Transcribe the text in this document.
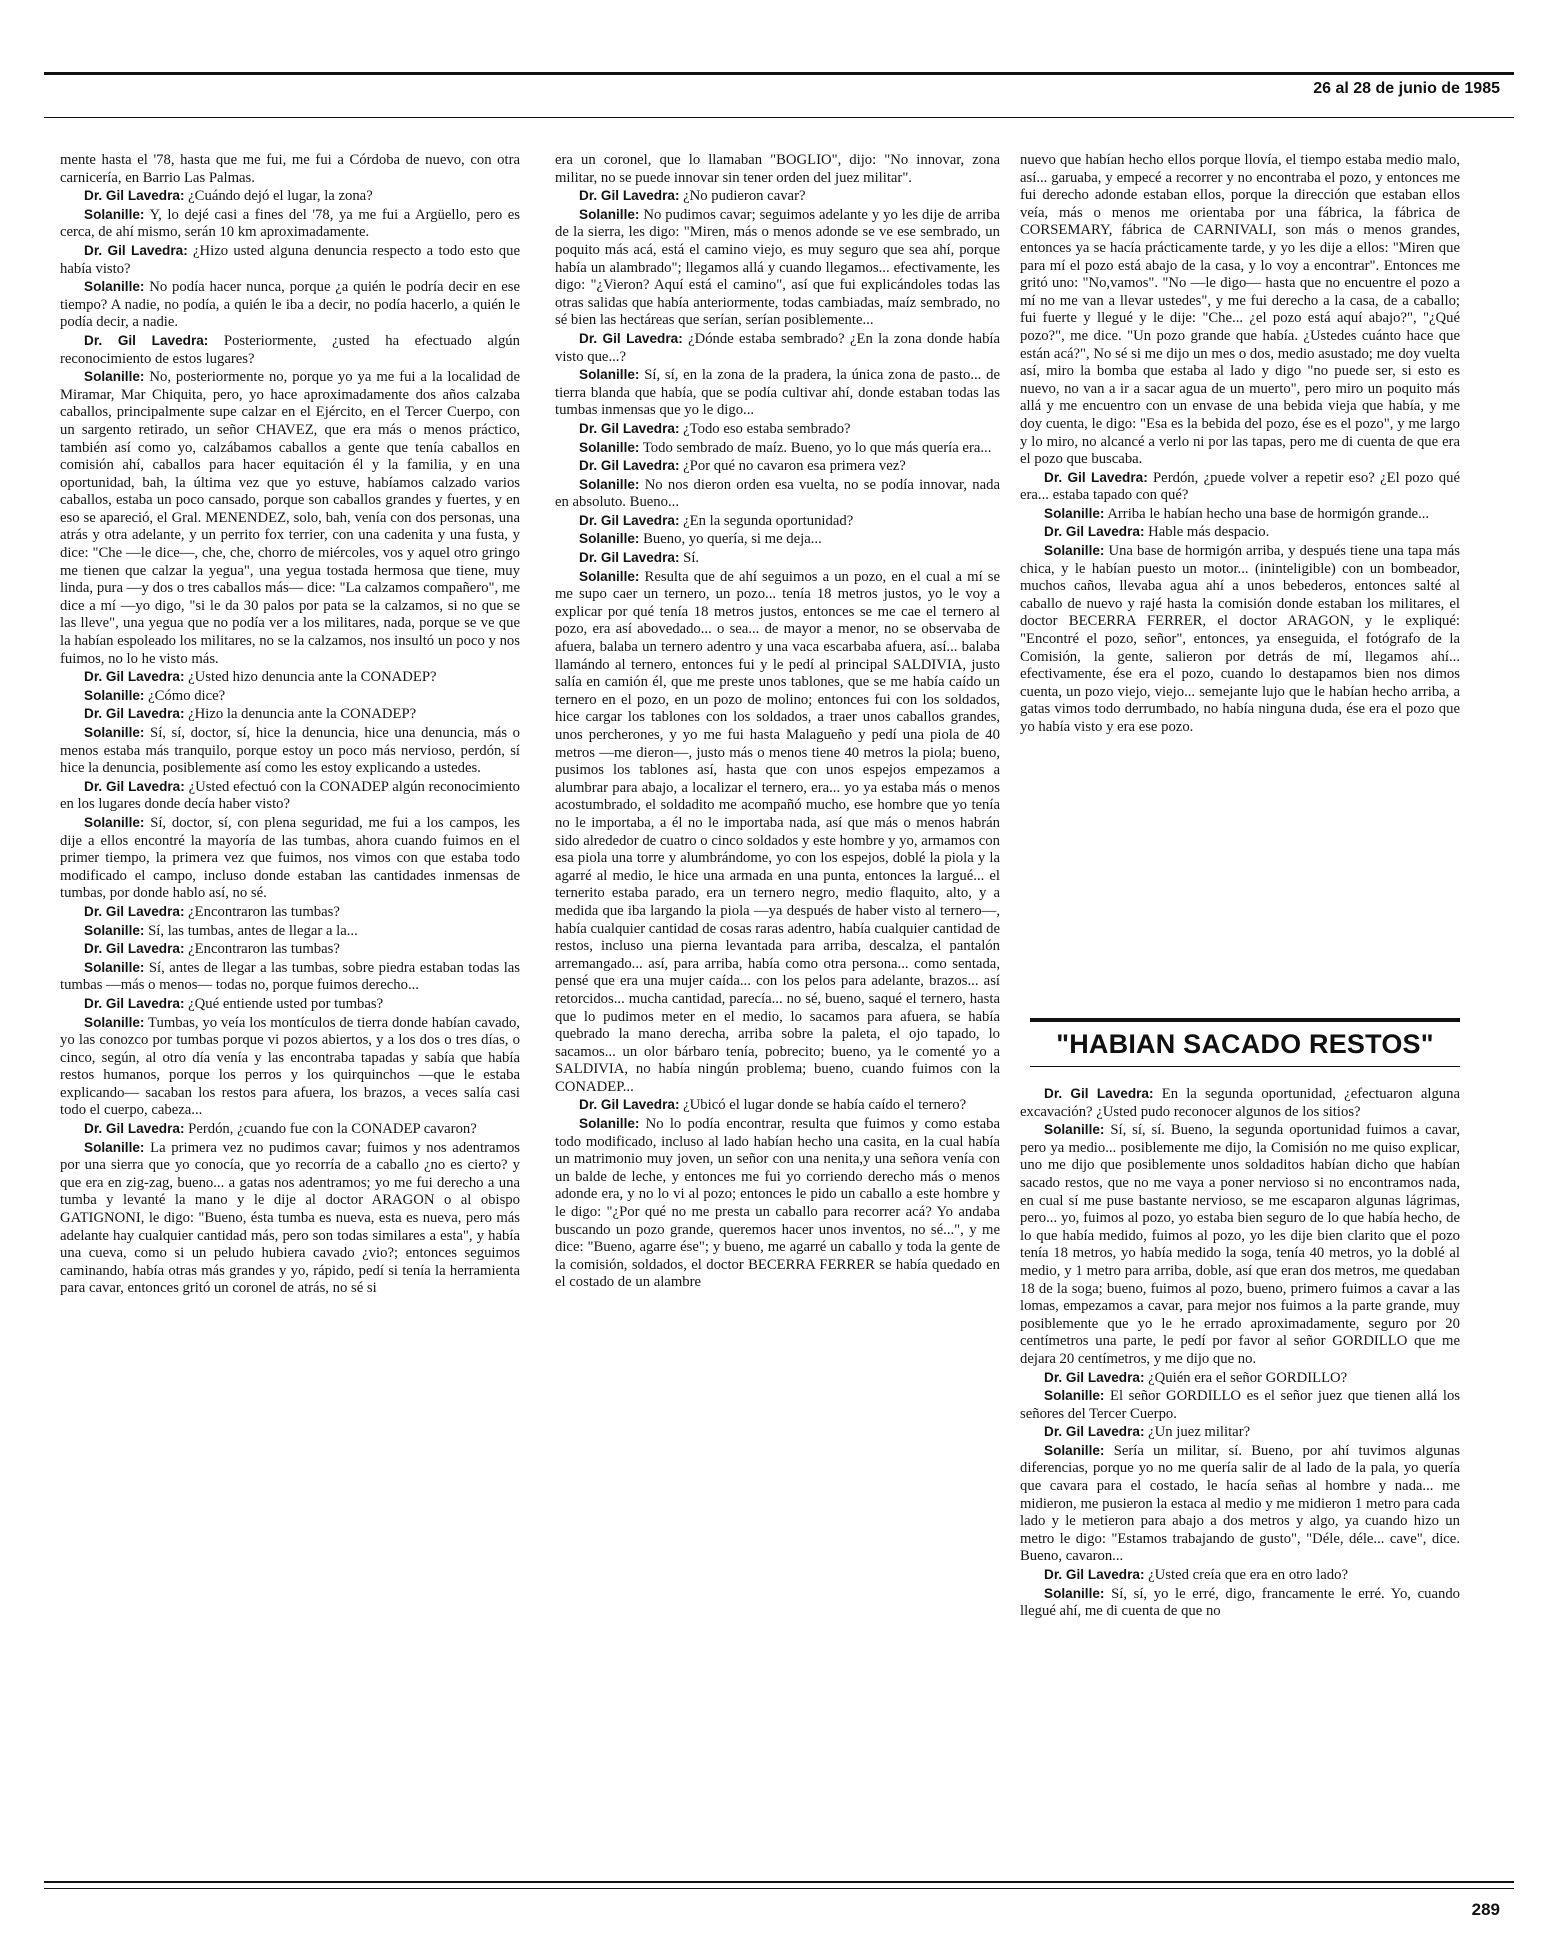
26 al 28 de junio de 1985

mente hasta el '78, hasta que me fui, me fui a Córdoba de nuevo, con otra carnicería, en Barrio Las Palmas.

Dr. Gil Lavedra: ¿Cuándo dejó el lugar, la zona?

Solanille: Y, lo dejé casi a fines del '78, ya me fui a Argüello, pero es cerca, de ahí mismo, serán 10 km aproximadamente.

Dr. Gil Lavedra: ¿Hizo usted alguna denuncia respecto a todo esto que había visto?

Solanille: No podía hacer nunca, porque ¿a quién le podría decir en ese tiempo? A nadie, no podía, a quién le iba a decir, no podía hacerlo, a quién le podía decir, a nadie.

Dr. Gil Lavedra: Posteriormente, ¿usted ha efectuado algún reconocimiento de estos lugares?

Solanille: No, posteriormente no, porque yo ya me fui a la localidad de Miramar, Mar Chiquita, pero, yo hace aproximadamente dos años calzaba caballos, principalmente supe calzar en el Ejército, en el Tercer Cuerpo, con un sargento retirado, un señor CHAVEZ, que era más o menos práctico, también así como yo, calzábamos caballos a gente que tenía caballos en comisión ahí, caballos para hacer equitación él y la familia, y en una oportunidad, bah, la última vez que yo estuve, habíamos calzado varios caballos, estaba un poco cansado, porque son caballos grandes y fuertes, y en eso se apareció, el Gral. MENENDEZ, solo, bah, venía con dos personas, una atrás y otra adelante, y un perrito fox terrier, con una cadenita y una fusta, y dice: "Che —le dice—, che, che, chorro de miércoles, vos y aquel otro gringo me tienen que calzar la yegua", una yegua tostada hermosa que tiene, muy linda, pura —y dos o tres caballos más— dice: "La calzamos compañero", me dice a mí —yo digo, "si le da 30 palos por pata se la calzamos, si no que se las lleve", una yegua que no podía ver a los militares, nada, porque se ve que la habían espoleado los militares, no se la calzamos, nos insultó un poco y nos fuimos, no lo he visto más.

Dr. Gil Lavedra: ¿Usted hizo denuncia ante la CONADEP?

Solanille: ¿Cómo dice?

Dr. Gil Lavedra: ¿Hizo la denuncia ante la CONADEP?

Solanille: Sí, sí, doctor, sí, hice la denuncia, hice una denuncia, más o menos estaba más tranquilo, porque estoy un poco más nervioso, perdón, sí hice la denuncia, posiblemente así como les estoy explicando a ustedes.

Dr. Gil Lavedra: ¿Usted efectuó con la CONADEP algún reconocimiento en los lugares donde decía haber visto?

Solanille: Sí, doctor, sí, con plena seguridad, me fui a los campos, les dije a ellos encontré la mayoría de las tumbas, ahora cuando fuimos en el primer tiempo, la primera vez que fuimos, nos vimos con que estaba todo modificado el campo, incluso donde estaban las cantidades inmensas de tumbas, por donde hablo así, no sé.

Dr. Gil Lavedra: ¿Encontraron las tumbas?

Solanille: Sí, las tumbas, antes de llegar a la...

Dr. Gil Lavedra: ¿Encontraron las tumbas?

Solanille: Sí, antes de llegar a las tumbas, sobre piedra estaban todas las tumbas —más o menos— todas no, porque fuimos derecho...

Dr. Gil Lavedra: ¿Qué entiende usted por tumbas?

Solanille: Tumbas, yo veía los montículos de tierra donde habían cavado, yo las conozco por tumbas porque vi pozos abiertos, y a los dos o tres días, o cinco, según, al otro día venía y las encontraba tapadas y sabía que había restos humanos, porque los perros y los quirquinchos —que le estaba explicando— sacaban los restos para afuera, los brazos, a veces salía casi todo el cuerpo, cabeza...

Dr. Gil Lavedra: Perdón, ¿cuando fue con la CONADEP cavaron?

Solanille: La primera vez no pudimos cavar; fuimos y nos adentramos por una sierra que yo conocía, que yo recorría de a caballo ¿no es cierto? y que era en zig-zag, bueno... a gatas nos adentramos; yo me fui derecho a una tumba y levanté la mano y le dije al doctor ARAGON o al obispo GATIGNONI, le digo: "Bueno, ésta tumba es nueva, esta es nueva, pero más adelante hay cualquier cantidad más, pero son todas similares a esta", y había una cueva, como si un peludo hubiera cavado ¿vio?; entonces seguimos caminando, había otras más grandes y yo, rápido, pedí si tenía la herramienta para cavar, entonces gritó un coronel de atrás, no sé si

era un coronel, que lo llamaban "BOGLIO", dijo: "No innovar, zona militar, no se puede innovar sin tener orden del juez militar".

Dr. Gil Lavedra: ¿No pudieron cavar?

Solanille: No pudimos cavar; seguimos adelante y yo les dije de arriba de la sierra, les digo: "Miren, más o menos adonde se ve ese sembrado, un poquito más acá, está el camino viejo, es muy seguro que sea ahí, porque había un alambrado"; llegamos allá y cuando llegamos... efectivamente, les digo: "¿Vieron? Aquí está el camino", así que fui explicándoles todas las otras salidas que había anteriormente, todas cambiadas, maíz sembrado, no sé bien las hectáreas que serían, serían posiblemente...

Dr. Gil Lavedra: ¿Dónde estaba sembrado? ¿En la zona donde había visto que...?

Solanille: Sí, sí, en la zona de la pradera, la única zona de pasto... de tierra blanda que había, que se podía cultivar ahí, donde estaban todas las tumbas inmensas que yo le digo...

Dr. Gil Lavedra: ¿Todo eso estaba sembrado?

Solanille: Todo sembrado de maíz. Bueno, yo lo que más quería era...

Dr. Gil Lavedra: ¿Por qué no cavaron esa primera vez?

Solanille: No nos dieron orden esa vuelta, no se podía innovar, nada en absoluto. Bueno...

Dr. Gil Lavedra: ¿En la segunda oportunidad?

Solanille: Bueno, yo quería, si me deja...

Dr. Gil Lavedra: Sí.

Solanille: Resulta que de ahí seguimos a un pozo, en el cual a mí se me supo caer un ternero, un pozo... tenía 18 metros justos, yo le voy a explicar por qué tenía 18 metros justos, entonces se me cae el ternero al pozo, era así abovedado... o sea... de mayor a menor, no se observaba de afuera, balaba un ternero adentro y una vaca escarbaba afuera, así... balaba llamándo al ternero, entonces fui y le pedí al principal SALDIVIA, justo salía en camión él, que me preste unos tablones, que se me había caído un ternero en el pozo, en un pozo de molino; entonces fui con los soldados, hice cargar los tablones con los soldados, a traer unos caballos grandes, unos percherones, y yo me fui hasta Malagueño y pedí una piola de 40 metros —me dieron—, justo más o menos tiene 40 metros la piola; bueno, pusimos los tablones así, hasta que con unos espejos empezamos a alumbrar para abajo, a localizar el ternero, era... yo ya estaba más o menos acostumbrado, el soldadito me acompañó mucho, ese hombre que yo tenía no le importaba, a él no le importaba nada, así que más o menos habrán sido alrededor de cuatro o cinco soldados y este hombre y yo, armamos con esa piola una torre y alumbrándome, yo con los espejos, doblé la piola y la agarré al medio, le hice una armada en una punta, entonces la largué... el ternerito estaba parado, era un ternero negro, medio flaquito, alto, y a medida que iba largando la piola —ya después de haber visto al ternero—, había cualquier cantidad de cosas raras adentro, había cualquier cantidad de restos, incluso una pierna levantada para arriba, descalza, el pantalón arremangado... así, para arriba, había como otra persona... como sentada, pensé que era una mujer caída... con los pelos para adelante, brazos... así retorcidos... mucha cantidad, parecía... no sé, bueno, saqué el ternero, hasta que lo pudimos meter en el medio, lo sacamos para afuera, se había quebrado la mano derecha, arriba sobre la paleta, el ojo tapado, lo sacamos... un olor bárbaro tenía, pobrecito; bueno, ya le comenté yo a SALDIVIA, no había ningún problema; bueno, cuando fuimos con la CONADEP...

Dr. Gil Lavedra: ¿Ubicó el lugar donde se había caído el ternero?

Solanille: No lo podía encontrar, resulta que fuimos y como estaba todo modificado, incluso al lado habían hecho una casita, en la cual había un matrimonio muy joven, un señor con una nenita,y una señora venía con un balde de leche, y entonces me fui yo corriendo derecho más o menos adonde era, y no lo vi al pozo; entonces le pido un caballo a este hombre y le digo: "¿Por qué no me presta un caballo para recorrer acá? Yo andaba buscando un pozo grande, queremos hacer unos inventos, no sé...", y me dice: "Bueno, agarre ése"; y bueno, me agarré un caballo y toda la gente de la comisión, soldados, el doctor BECERRA FERRER se había quedado en el costado de un alambre

nuevo que habían hecho ellos porque llovía, el tiempo estaba medio malo, así... garuaba, y empecé a recorrer y no encontraba el pozo, y entonces me fui derecho adonde estaban ellos, porque la dirección que estaban ellos veía, más o menos me orientaba por una fábrica, la fábrica de CORSEMARY, fábrica de CARNIVALI, son más o menos grandes, entonces ya se hacía prácticamente tarde, y yo les dije a ellos: "Miren que para mí el pozo está abajo de la casa, y lo voy a encontrar". Entonces me gritó uno: "No,vamos". "No —le digo— hasta que no encuentre el pozo a mí no me van a llevar ustedes", y me fui derecho a la casa, de a caballo; fui fuerte y llegué y le dije: "Che... ¿el pozo está aquí abajo?", "¿Qué pozo?", me dice. "Un pozo grande que había. ¿Ustedes cuánto hace que están acá?", No sé si me dijo un mes o dos, medio asustado; me doy vuelta así, miro la bomba que estaba al lado y digo "no puede ser, si esto es nuevo, no van a ir a sacar agua de un muerto", pero miro un poquito más allá y me encuentro con un envase de una bebida vieja que había, y me doy cuenta, le digo: "Esa es la bebida del pozo, ése es el pozo", y me largo y lo miro, no alcancé a verlo ni por las tapas, pero me di cuenta de que era el pozo que buscaba.

Dr. Gil Lavedra: Perdón, ¿puede volver a repetir eso? ¿El pozo qué era... estaba tapado con qué?

Solanille: Arriba le habían hecho una base de hormigón grande...

Dr. Gil Lavedra: Hable más despacio.

Solanille: Una base de hormigón arriba, y después tiene una tapa más chica, y le habían puesto un motor... (ininteligible) con un bombeador, muchos caños, llevaba agua ahí a unos bebederos, entonces salté al caballo de nuevo y rajé hasta la comisión donde estaban los militares, el doctor BECERRA FERRER, el doctor ARAGON, y le expliqué: "Encontré el pozo, señor", entonces, ya enseguida, el fotógrafo de la Comisión, la gente, salieron por detrás de mí, llegamos ahí... efectivamente, ése era el pozo, cuando lo destapamos bien nos dimos cuenta, un pozo viejo, viejo... semejante lujo que le habían hecho arriba, a gatas vimos todo derrumbado, no había ninguna duda, ése era el pozo que yo había visto y era ese pozo.

"HABIAN SACADO RESTOS"

Dr. Gil Lavedra: En la segunda oportunidad, ¿efectuaron alguna excavación? ¿Usted pudo reconocer algunos de los sitios?

Solanille: Sí, sí, sí. Bueno, la segunda oportunidad fuimos a cavar, pero ya medio... posiblemente me dijo, la Comisión no me quiso explicar, uno me dijo que posiblemente unos soldaditos habían dicho que habían sacado restos, que no me vaya a poner nervioso si no encontramos nada, en cual sí me puse bastante nervioso, se me escaparon algunas lágrimas, pero... yo, fuimos al pozo, yo estaba bien seguro de lo que había hecho, de lo que había medido, fuimos al pozo, yo les dije bien clarito que el pozo tenía 18 metros, yo había medido la soga, tenía 40 metros, yo la doblé al medio, y 1 metro para arriba, doble, así que eran dos metros, me quedaban 18 de la soga; bueno, fuimos al pozo, bueno, primero fuimos a cavar a las lomas, empezamos a cavar, para mejor nos fuimos a la parte grande, muy posiblemente que yo le he errado aproximadamente, seguro por 20 centímetros una parte, le pedí por favor al señor GORDILLO que me dejara 20 centímetros, y me dijo que no.

Dr. Gil Lavedra: ¿Quién era el señor GORDILLO?

Solanille: El señor GORDILLO es el señor juez que tienen allá los señores del Tercer Cuerpo.

Dr. Gil Lavedra: ¿Un juez militar?

Solanille: Sería un militar, sí. Bueno, por ahí tuvimos algunas diferencias, porque yo no me quería salir de al lado de la pala, yo quería que cavara para el costado, le hacía señas al hombre y nada... me midieron, me pusieron la estaca al medio y me midieron 1 metro para cada lado y le metieron para abajo a dos metros y algo, ya cuando hizo un metro le digo: "Estamos trabajando de gusto", "Déle, déle... cave", dice. Bueno, cavaron...

Dr. Gil Lavedra: ¿Usted creía que era en otro lado?

Solanille: Sí, sí, yo le erré, digo, francamente le erré. Yo, cuando llegué ahí, me di cuenta de que no

289
